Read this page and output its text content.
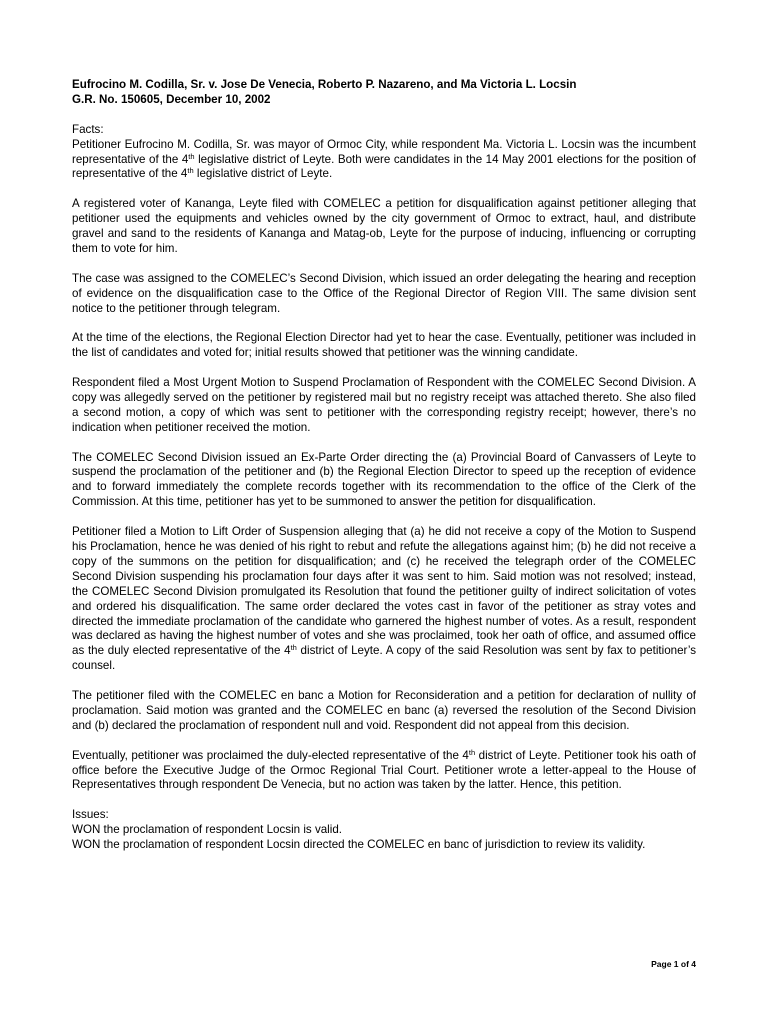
Eufrocino M. Codilla, Sr. v. Jose De Venecia, Roberto P. Nazareno, and Ma Victoria L. Locsin
G.R. No. 150605, December 10, 2002

Facts:
Petitioner Eufrocino M. Codilla, Sr. was mayor of Ormoc City, while respondent Ma. Victoria L. Locsin was the incumbent representative of the 4th legislative district of Leyte. Both were candidates in the 14 May 2001 elections for the position of representative of the 4th legislative district of Leyte.

A registered voter of Kananga, Leyte filed with COMELEC a petition for disqualification against petitioner alleging that petitioner used the equipments and vehicles owned by the city government of Ormoc to extract, haul, and distribute gravel and sand to the residents of Kananga and Matag-ob, Leyte for the purpose of inducing, influencing or corrupting them to vote for him.

The case was assigned to the COMELEC’s Second Division, which issued an order delegating the hearing and reception of evidence on the disqualification case to the Office of the Regional Director of Region VIII. The same division sent notice to the petitioner through telegram.

At the time of the elections, the Regional Election Director had yet to hear the case. Eventually, petitioner was included in the list of candidates and voted for; initial results showed that petitioner was the winning candidate.

Respondent filed a Most Urgent Motion to Suspend Proclamation of Respondent with the COMELEC Second Division. A copy was allegedly served on the petitioner by registered mail but no registry receipt was attached thereto. She also filed a second motion, a copy of which was sent to petitioner with the corresponding registry receipt; however, there’s no indication when petitioner received the motion.

The COMELEC Second Division issued an Ex-Parte Order directing the (a) Provincial Board of Canvassers of Leyte to suspend the proclamation of the petitioner and (b) the Regional Election Director to speed up the reception of evidence and to forward immediately the complete records together with its recommendation to the office of the Clerk of the Commission. At this time, petitioner has yet to be summoned to answer the petition for disqualification.

Petitioner filed a Motion to Lift Order of Suspension alleging that (a) he did not receive a copy of the Motion to Suspend his Proclamation, hence he was denied of his right to rebut and refute the allegations against him; (b) he did not receive a copy of the summons on the petition for disqualification; and (c) he received the telegraph order of the COMELEC Second Division suspending his proclamation four days after it was sent to him. Said motion was not resolved; instead, the COMELEC Second Division promulgated its Resolution that found the petitioner guilty of indirect solicitation of votes and ordered his disqualification. The same order declared the votes cast in favor of the petitioner as stray votes and directed the immediate proclamation of the candidate who garnered the highest number of votes. As a result, respondent was declared as having the highest number of votes and she was proclaimed, took her oath of office, and assumed office as the duly elected representative of the 4th district of Leyte. A copy of the said Resolution was sent by fax to petitioner’s counsel.

The petitioner filed with the COMELEC en banc a Motion for Reconsideration and a petition for declaration of nullity of proclamation. Said motion was granted and the COMELEC en banc (a) reversed the resolution of the Second Division and (b) declared the proclamation of respondent null and void. Respondent did not appeal from this decision.

Eventually, petitioner was proclaimed the duly-elected representative of the 4th district of Leyte. Petitioner took his oath of office before the Executive Judge of the Ormoc Regional Trial Court. Petitioner wrote a letter-appeal to the House of Representatives through respondent De Venecia, but no action was taken by the latter. Hence, this petition.

Issues:

WON the proclamation of respondent Locsin is valid.

WON the proclamation of respondent Locsin directed the COMELEC en banc of jurisdiction to review its validity.

Page 1 of 4
